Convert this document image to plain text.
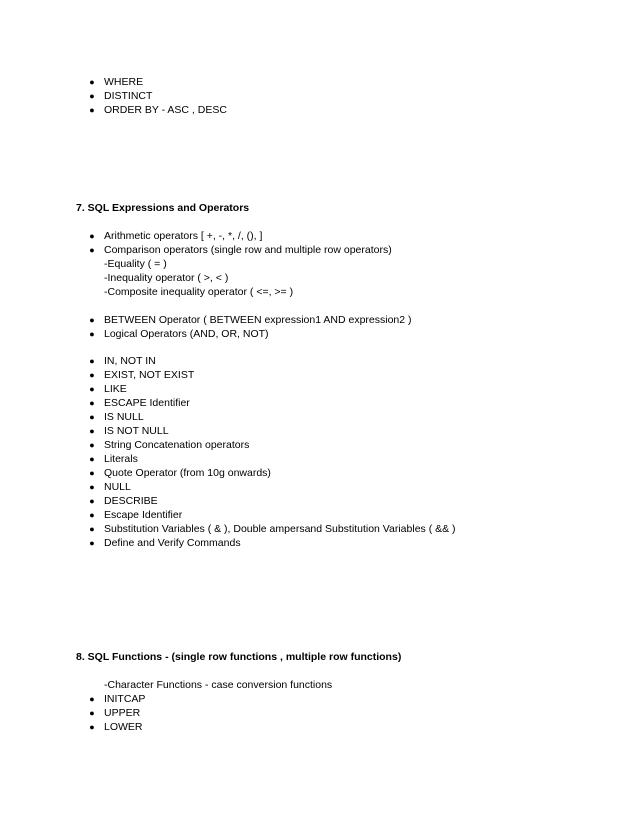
● WHERE
● DISTINCT
● ORDER BY - ASC , DESC
7. SQL Expressions and Operators
● Arithmetic operators [ +, -, *, /, (), ]
● Comparison operators (single row and multiple row operators)
-Equality ( = )
-Inequality operator ( >, < )
-Composite inequality operator ( <=, >= )
● BETWEEN Operator ( BETWEEN expression1 AND expression2 )
● Logical Operators (AND, OR, NOT)
● IN, NOT IN
● EXIST, NOT EXIST
● LIKE
● ESCAPE Identifier
● IS NULL
● IS NOT NULL
● String Concatenation operators
● Literals
● Quote Operator (from 10g onwards)
● NULL
● DESCRIBE
● Escape Identifier
● Substitution Variables ( & ), Double ampersand Substitution Variables ( && )
● Define and Verify Commands
8. SQL Functions - (single row functions , multiple row functions)
-Character Functions - case conversion functions
● INITCAP
● UPPER
● LOWER
